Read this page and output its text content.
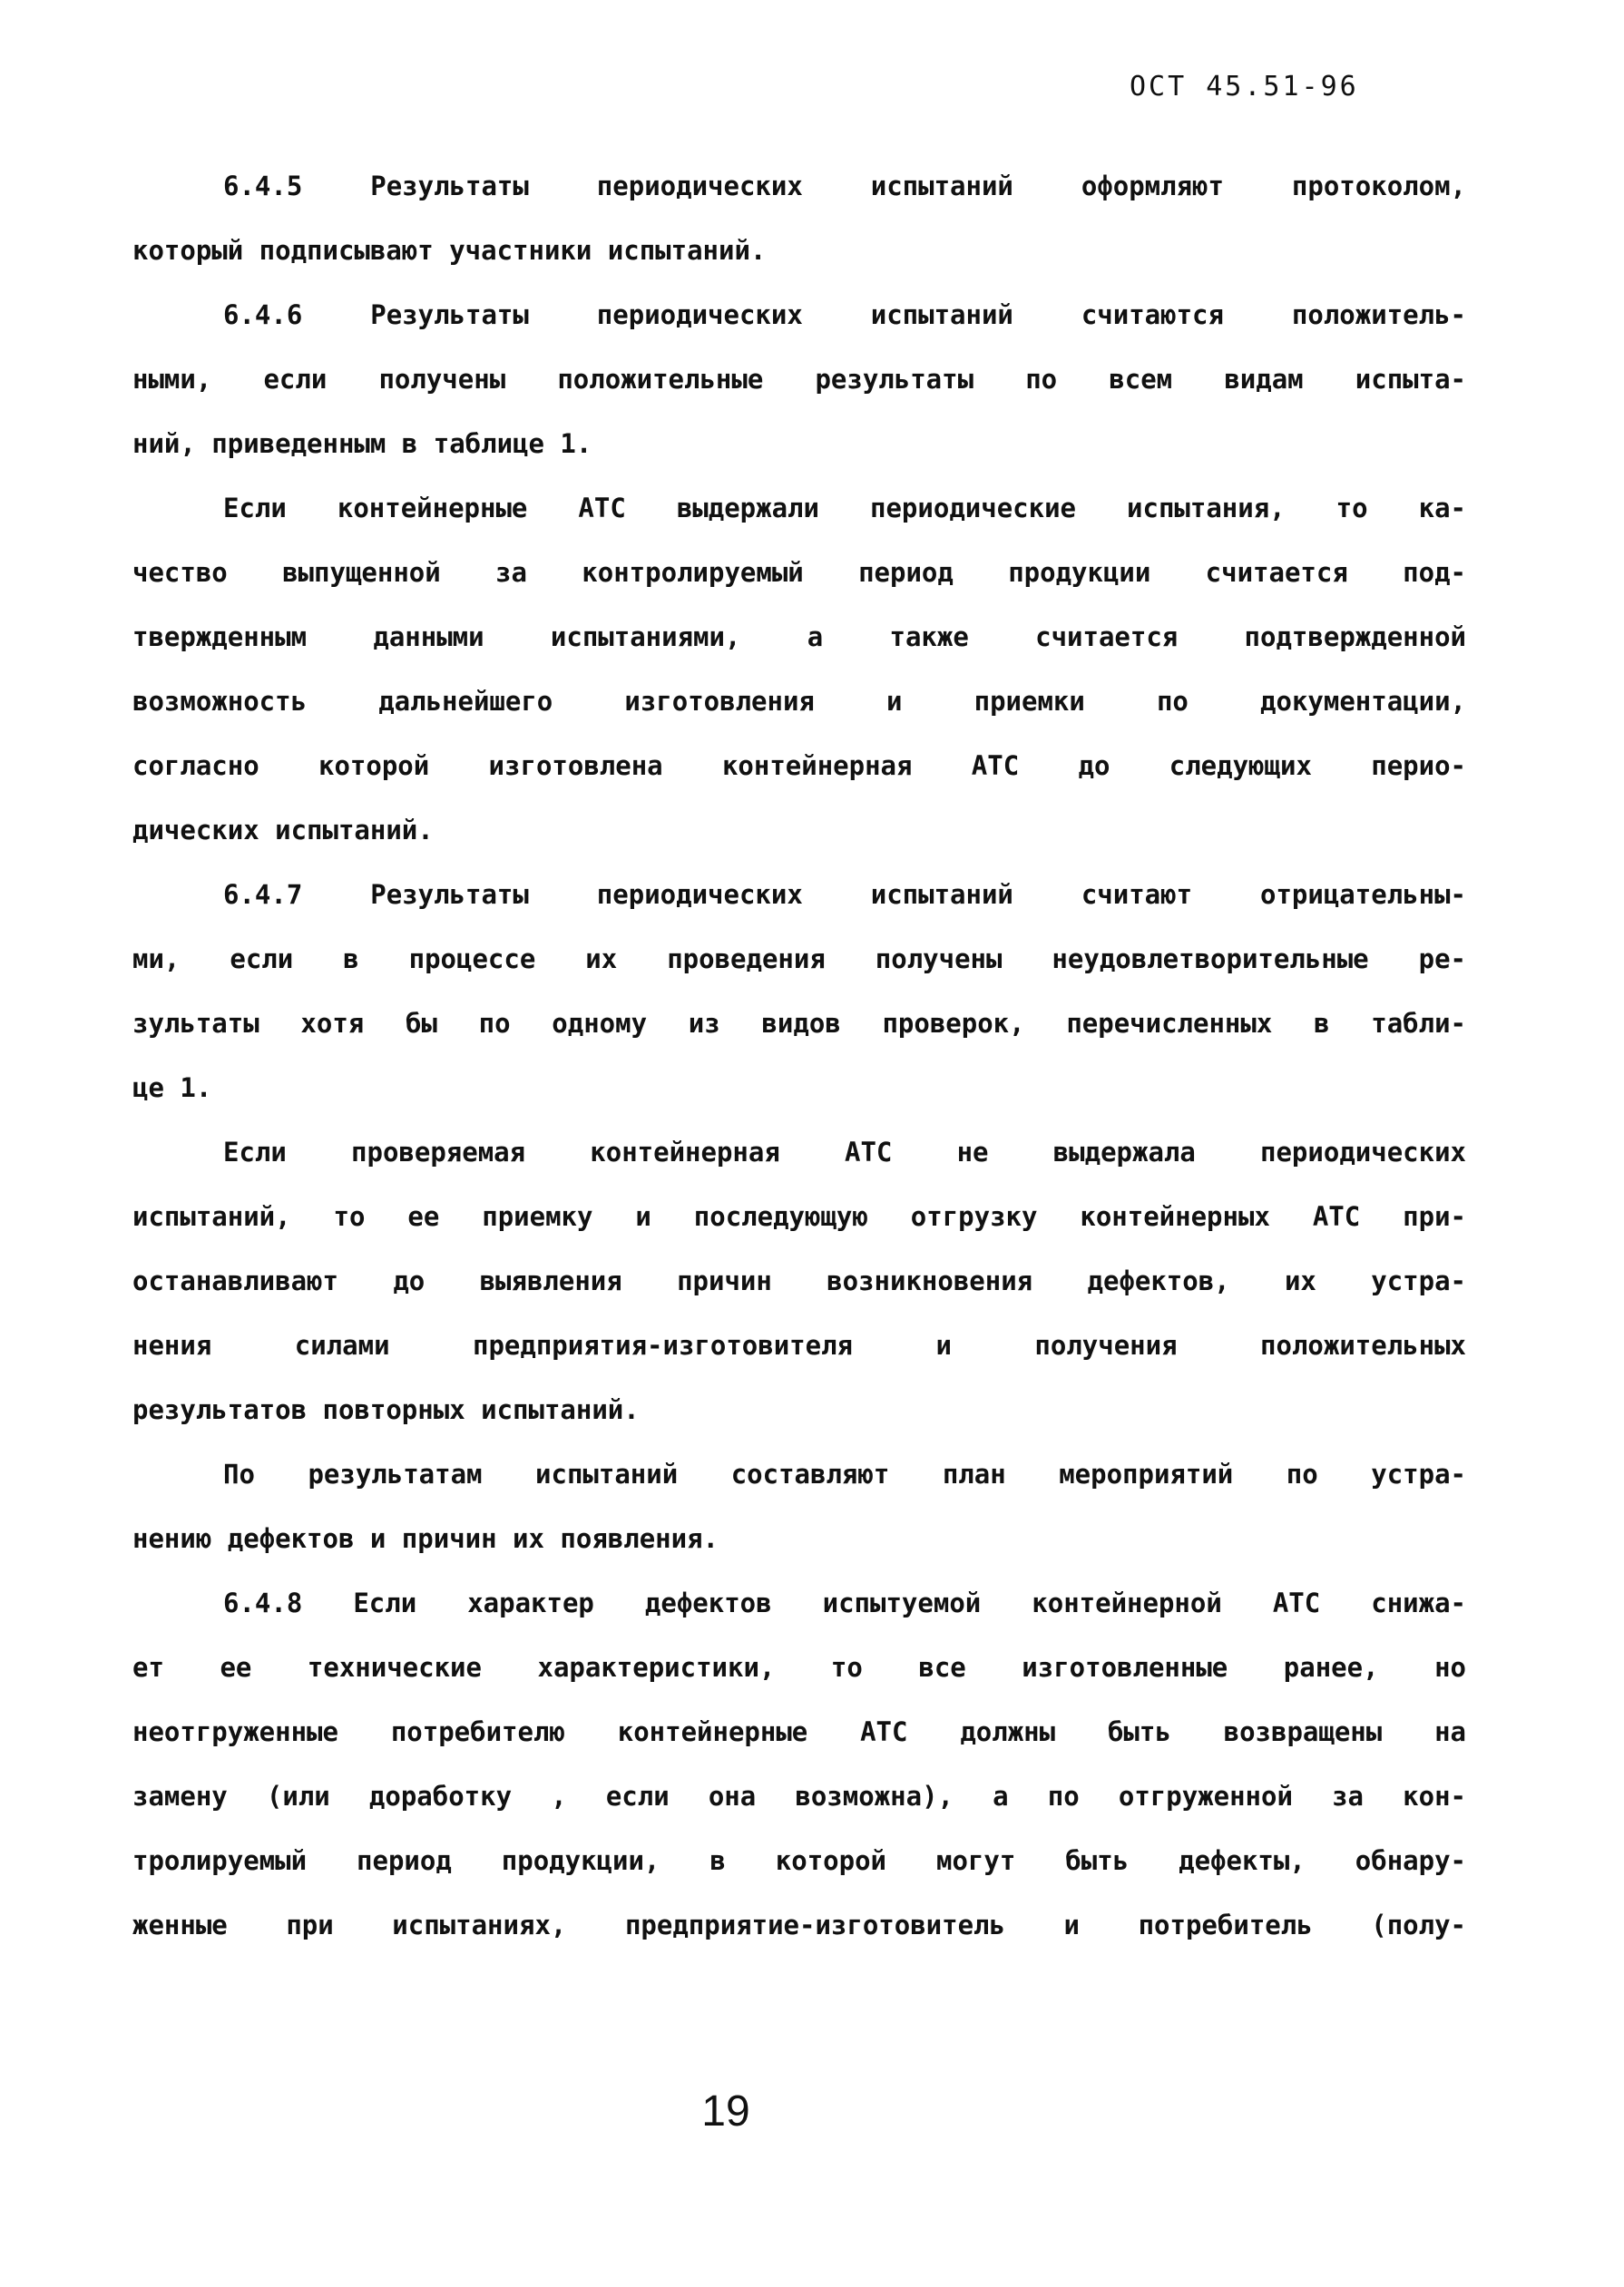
ОСТ 45.51-96
6.4.5 Результаты периодических испытаний оформляют протоколом,
который подписывают участники испытаний.
6.4.6 Результаты периодических испытаний считаются положитель-
ными, если получены положительные результаты по всем видам испыта-
ний, приведенным в таблице 1.
Если контейнерные АТС выдержали периодические испытания, то ка-
чество выпущенной за контролируемый период продукции считается под-
твержденным данными испытаниями, а также считается подтвержденной
возможность дальнейшего изготовления и приемки по документации,
согласно которой изготовлена контейнерная АТС до следующих перио-
дических испытаний.
6.4.7 Результаты периодических испытаний считают отрицательны-
ми, если в процессе их проведения получены неудовлетворительные ре-
зультаты хотя бы по одному из видов проверок, перечисленных в табли-
це 1.
Если проверяемая контейнерная АТС не выдержала периодических
испытаний, то ее приемку и последующую отгрузку контейнерных АТС при-
останавливают до выявления причин возникновения дефектов, их устра-
нения силами предприятия-изготовителя и получения положительных
результатов повторных испытаний.
По результатам испытаний составляют план мероприятий по устра-
нению дефектов и причин их появления.
6.4.8 Если характер дефектов испытуемой контейнерной АТС снижа-
ет ее технические характеристики, то все изготовленные ранее, но
неотгруженные потребителю контейнерные АТС должны быть возвращены на
замену (или доработку , если она возможна), а по отгруженной за кон-
тролируемый период продукции, в которой могут быть дефекты, обнару-
женные при испытаниях, предприятие-изготовитель и потребитель (полу-
19
